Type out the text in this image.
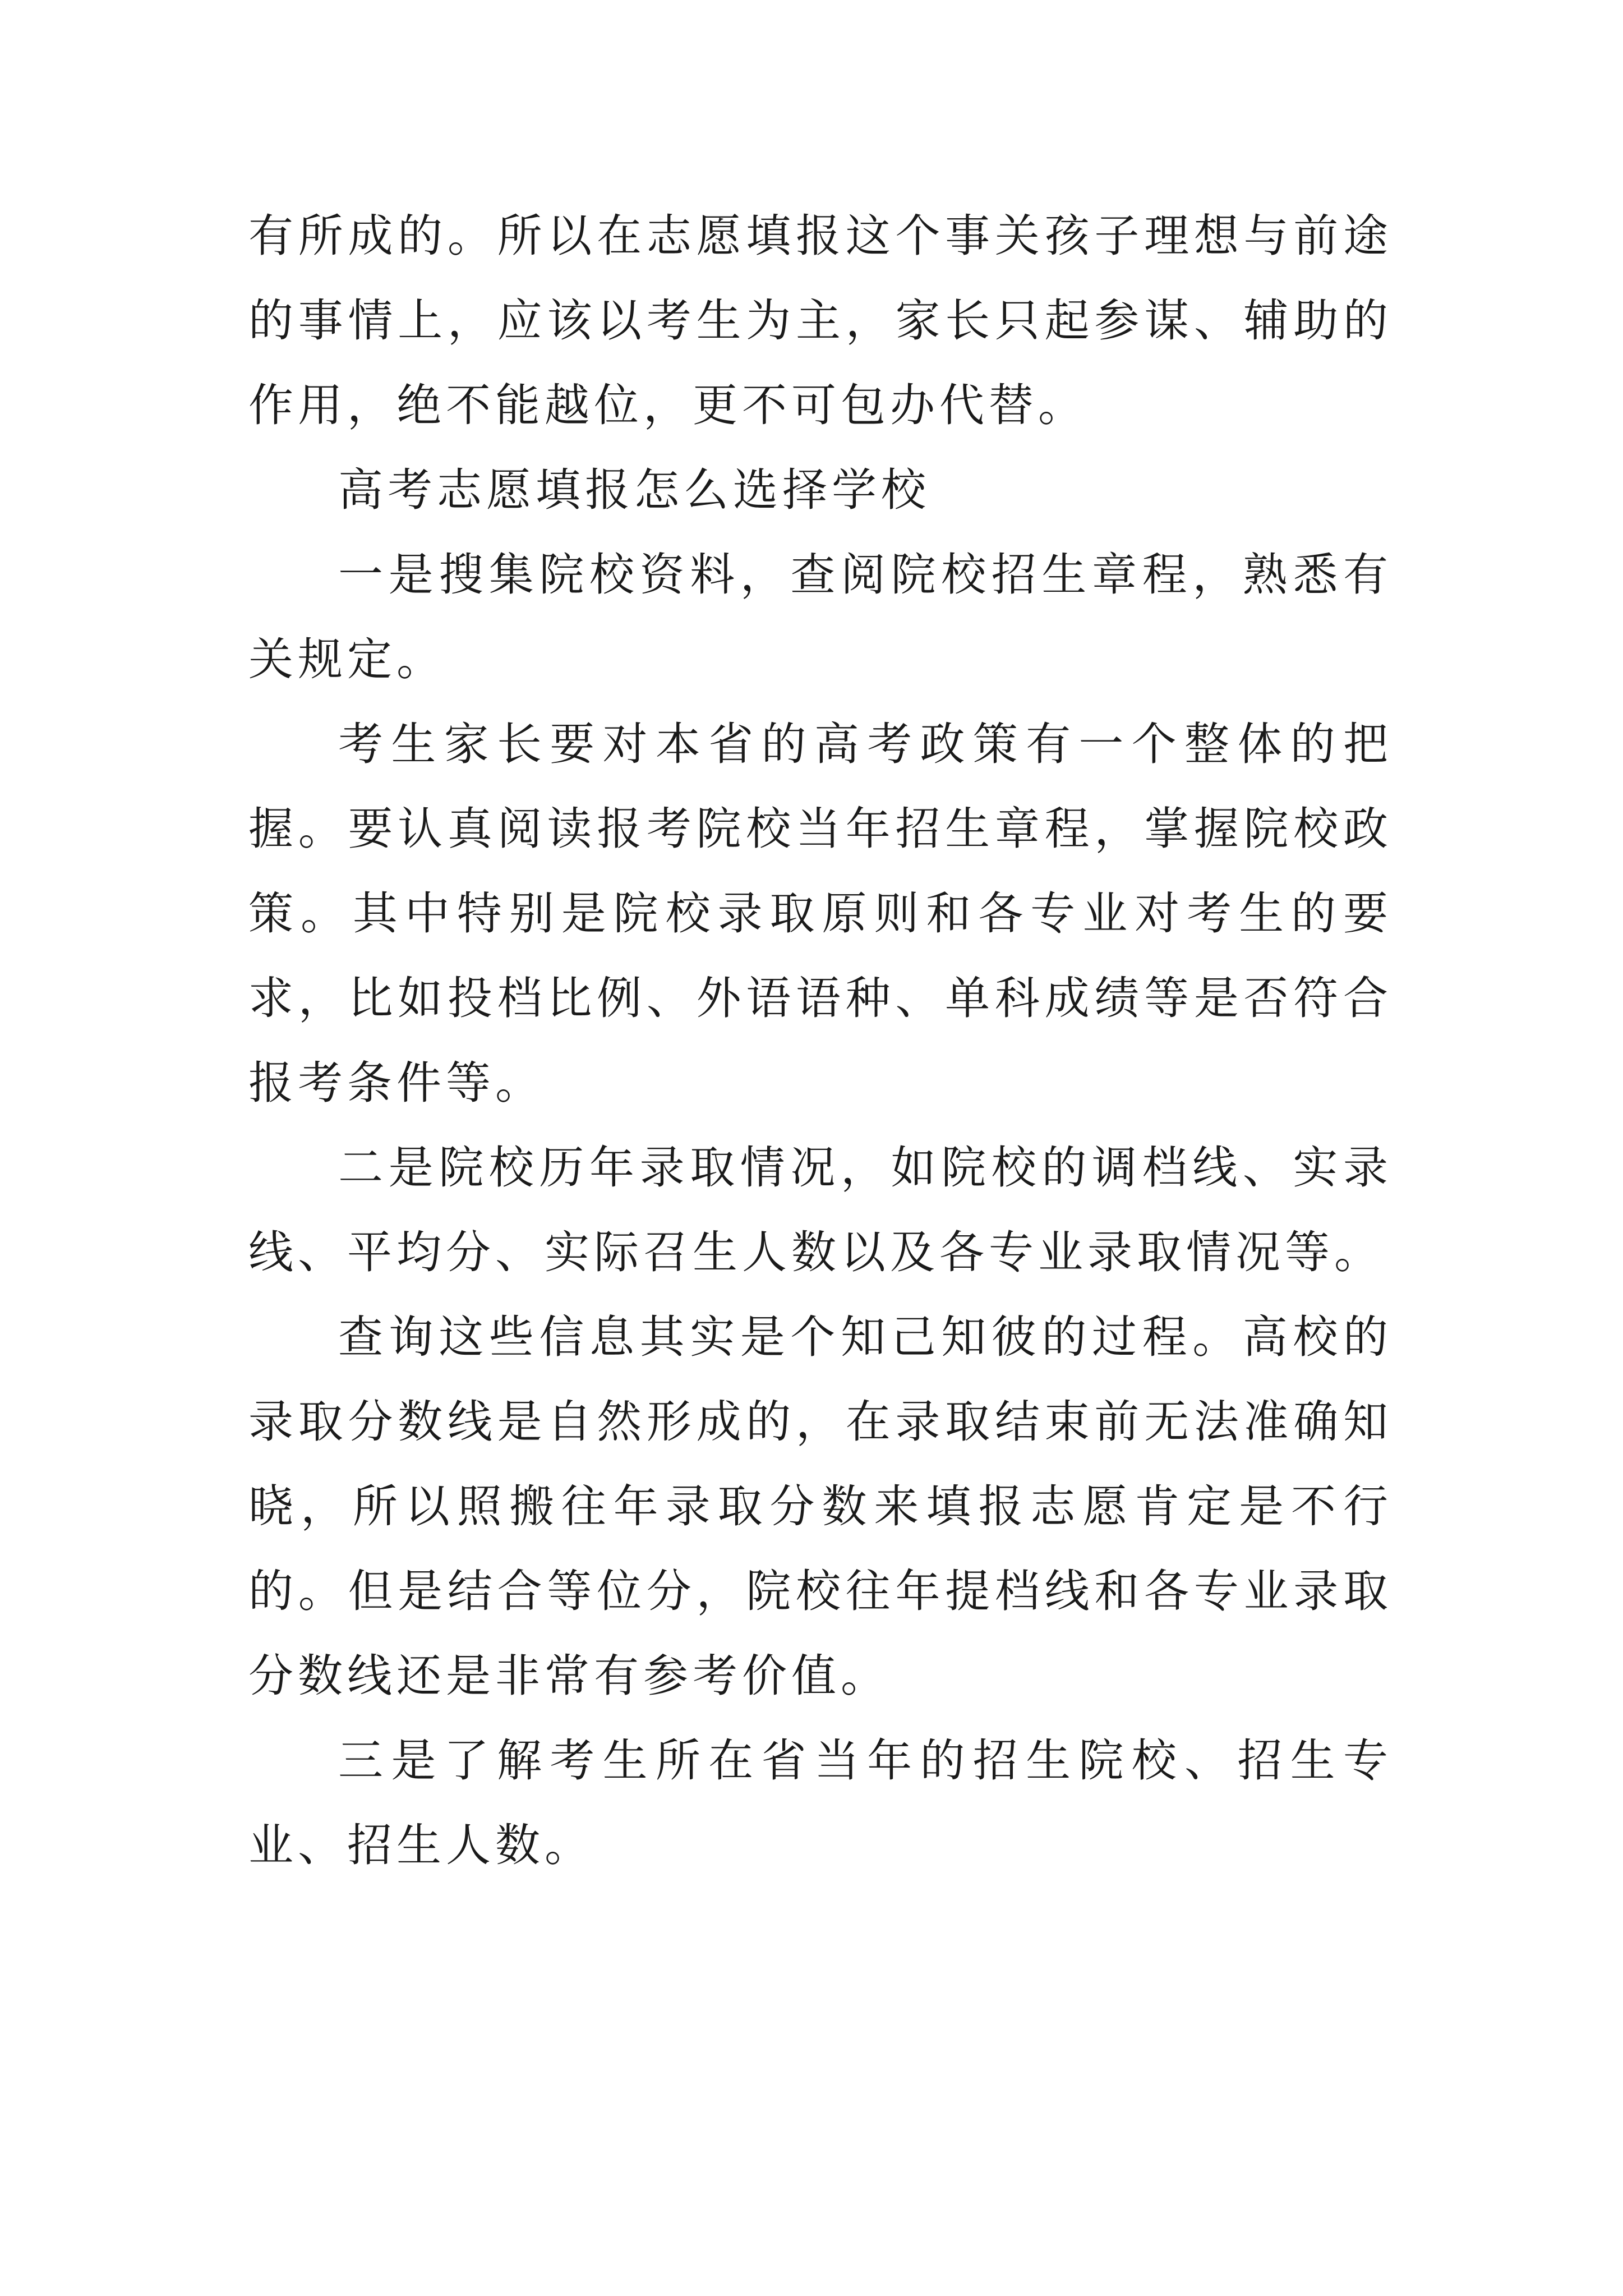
有所成的。所以在志愿填报这个事关孩子理想与前途的事情上，应该以考生为主，家长只起参谋、辅助的作用，绝不能越位，更不可包办代替。

高考志愿填报怎么选择学校

一是搜集院校资料，查阅院校招生章程，熟悉有关规定。

考生家长要对本省的高考政策有一个整体的把握。要认真阅读报考院校当年招生章程，掌握院校政策。其中特别是院校录取原则和各专业对考生的要求，比如投档比例、外语语种、单科成绩等是否符合报考条件等。

二是院校历年录取情况，如院校的调档线、实录线、平均分、实际召生人数以及各专业录取情况等。

查询这些信息其实是个知己知彼的过程。高校的录取分数线是自然形成的，在录取结束前无法准确知晓，所以照搬往年录取分数来填报志愿肯定是不行的。但是结合等位分，院校往年提档线和各专业录取分数线还是非常有参考价值。

三是了解考生所在省当年的招生院校、招生专业、招生人数。
